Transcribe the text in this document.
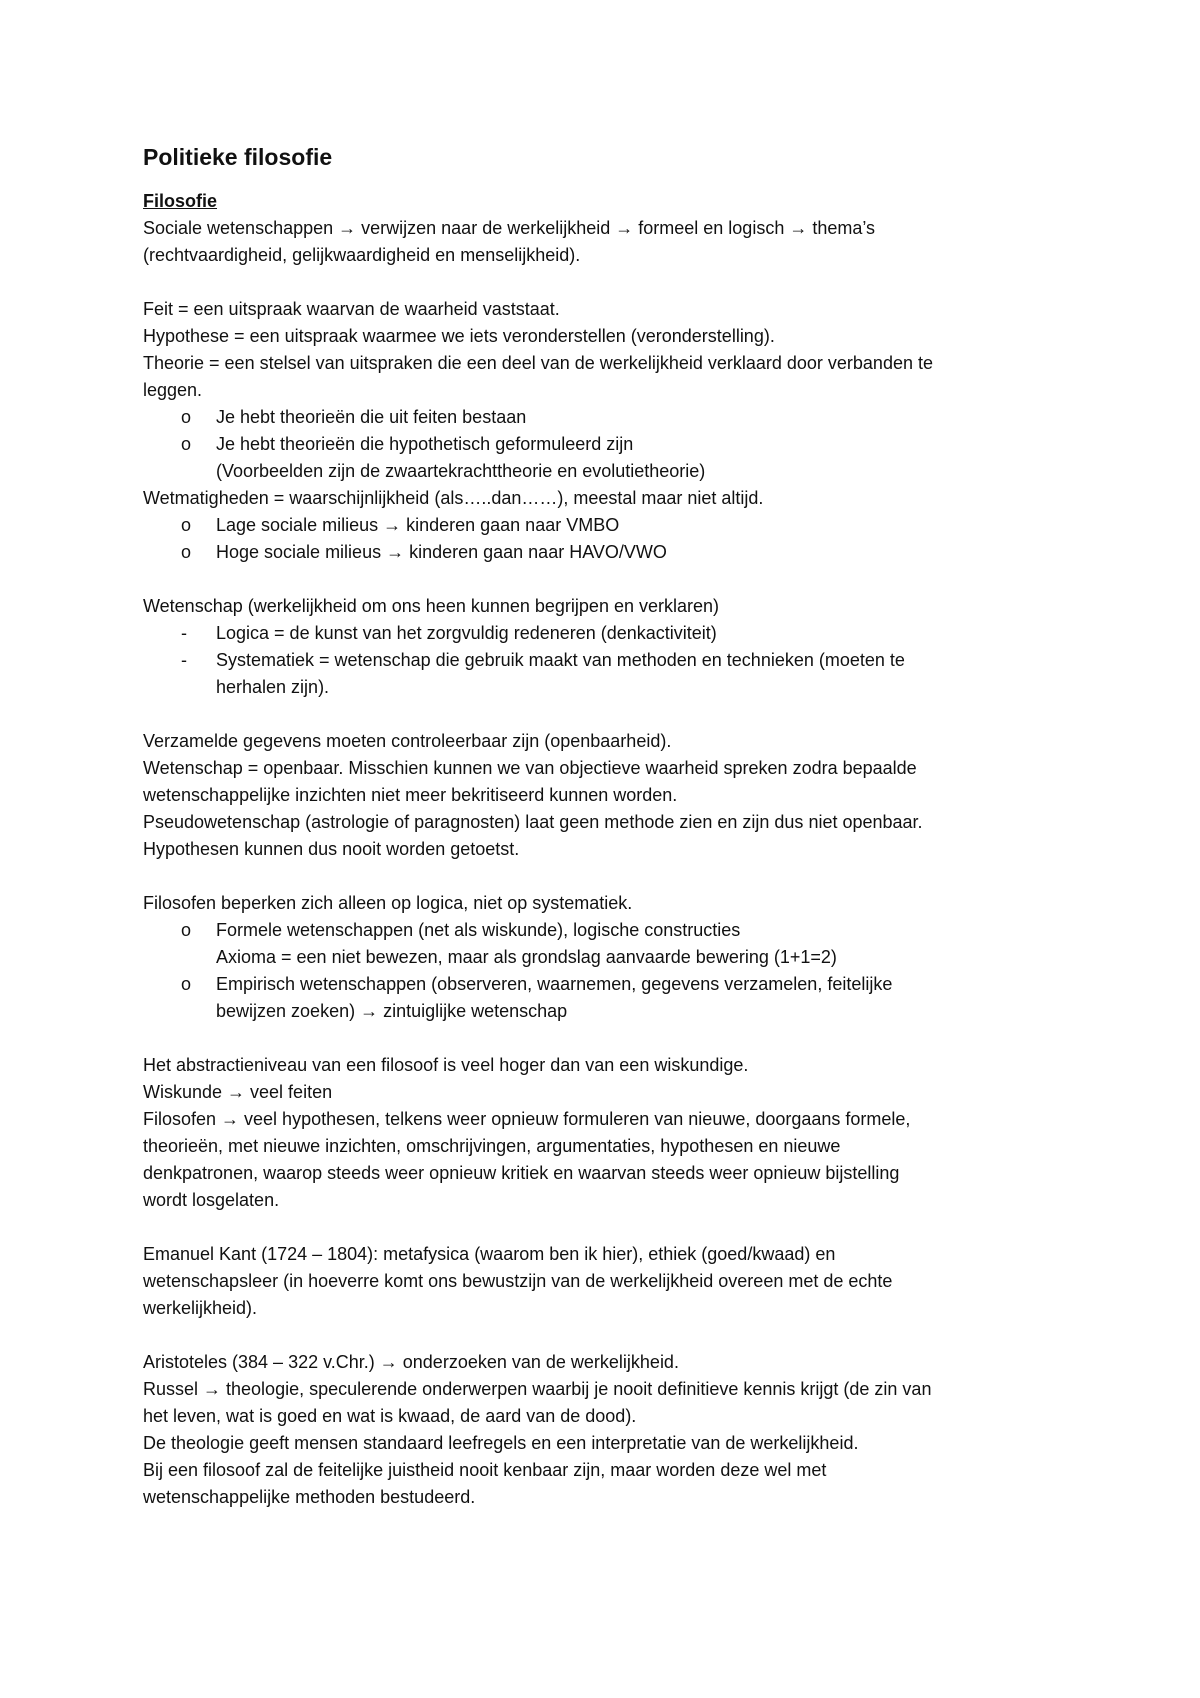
Politieke filosofie
Filosofie
Sociale wetenschappen → verwijzen naar de werkelijkheid → formeel en logisch → thema’s
(rechtvaardigheid, gelijkwaardigheid en menselijkheid).
Feit = een uitspraak waarvan de waarheid vaststaat.
Hypothese = een uitspraak waarmee we iets veronderstellen (veronderstelling).
Theorie = een stelsel van uitspraken die een deel van de werkelijkheid verklaard door verbanden te
leggen.
o	Je hebt theorieën die uit feiten bestaan
o	Je hebt theorieën die hypothetisch geformuleerd zijn
(Voorbeelden zijn de zwaartekrachttheorie en evolutietheorie)
Wetmatigheden = waarschijnlijkheid (als…..dan……), meestal maar niet altijd.
o	Lage sociale milieus → kinderen gaan naar VMBO
o	Hoge sociale milieus → kinderen gaan naar HAVO/VWO
Wetenschap (werkelijkheid om ons heen kunnen begrijpen en verklaren)
-	Logica = de kunst van het zorgvuldig redeneren (denkactiviteit)
-	Systematiek = wetenschap die gebruik maakt van methoden en technieken (moeten te
herhalen zijn).
Verzamelde gegevens moeten controleerbaar zijn (openbaarheid).
Wetenschap = openbaar. Misschien kunnen we van objectieve waarheid spreken zodra bepaalde
wetenschappelijke inzichten niet meer bekritiseerd kunnen worden.
Pseudowetenschap (astrologie of paragnosten) laat geen methode zien en zijn dus niet openbaar.
Hypothesen kunnen dus nooit worden getoetst.
Filosofen beperken zich alleen op logica, niet op systematiek.
o	Formele wetenschappen (net als wiskunde), logische constructies
Axioma = een niet bewezen, maar als grondslag aanvaarde bewering (1+1=2)
o	Empirisch wetenschappen (observeren, waarnemen, gegevens verzamelen, feitelijke
bewijzen zoeken) → zintuiglijke wetenschap
Het abstractieniveau van een filosoof is veel hoger dan van een wiskundige.
Wiskunde → veel feiten
Filosofen → veel hypothesen, telkens weer opnieuw formuleren van nieuwe, doorgaans formele,
theorieën, met nieuwe inzichten, omschrijvingen, argumentaties, hypothesen en nieuwe
denkpatronen, waarop steeds weer opnieuw kritiek en waarvan steeds weer opnieuw bijstelling
wordt losgelaten.
Emanuel Kant (1724 – 1804): metafysica (waarom ben ik hier), ethiek (goed/kwaad) en
wetenschapsleer (in hoeverre komt ons bewustzijn van de werkelijkheid overeen met de echte
werkelijkheid).
Aristoteles (384 – 322 v.Chr.) → onderzoeken van de werkelijkheid.
Russel → theologie, speculerende onderwerpen waarbij je nooit definitieve kennis krijgt (de zin van
het leven, wat is goed en wat is kwaad, de aard van de dood).
De theologie geeft mensen standaard leefregels en een interpretatie van de werkelijkheid.
Bij een filosoof zal de feitelijke juistheid nooit kenbaar zijn, maar worden deze wel met
wetenschappelijke methoden bestudeerd.
